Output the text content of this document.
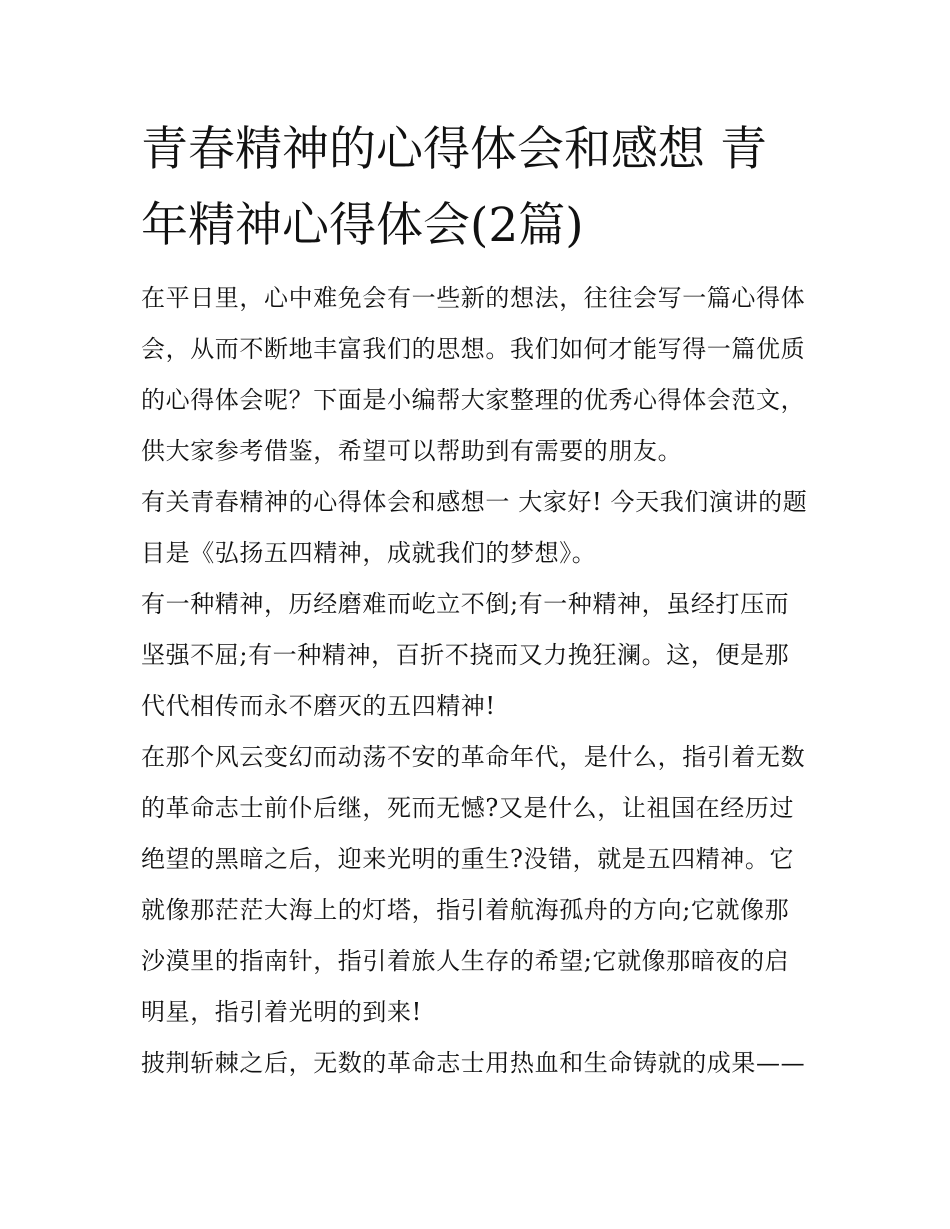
青春精神的心得体会和感想 青年精神心得体会(2篇)

在平日里，心中难免会有一些新的想法，往往会写一篇心得体会，从而不断地丰富我们的思想。我们如何才能写得一篇优质的心得体会呢？下面是小编帮大家整理的优秀心得体会范文，供大家参考借鉴，希望可以帮助到有需要的朋友。

有关青春精神的心得体会和感想一 大家好! 今天我们演讲的题目是《弘扬五四精神，成就我们的梦想》。

有一种精神，历经磨难而屹立不倒;有一种精神，虽经打压而坚强不屈;有一种精神，百折不挠而又力挽狂澜。这，便是那代代相传而永不磨灭的五四精神!

在那个风云变幻而动荡不安的革命年代，是什么，指引着无数的革命志士前仆后继，死而无憾?又是什么，让祖国在经历过绝望的黑暗之后，迎来光明的重生?没错，就是五四精神。它就像那茫茫大海上的灯塔，指引着航海孤舟的方向;它就像那沙漠里的指南针，指引着旅人生存的希望;它就像那暗夜的启明星，指引着光明的到来!

披荆斩棘之后，无数的革命志士用热血和生命铸就的成果——
